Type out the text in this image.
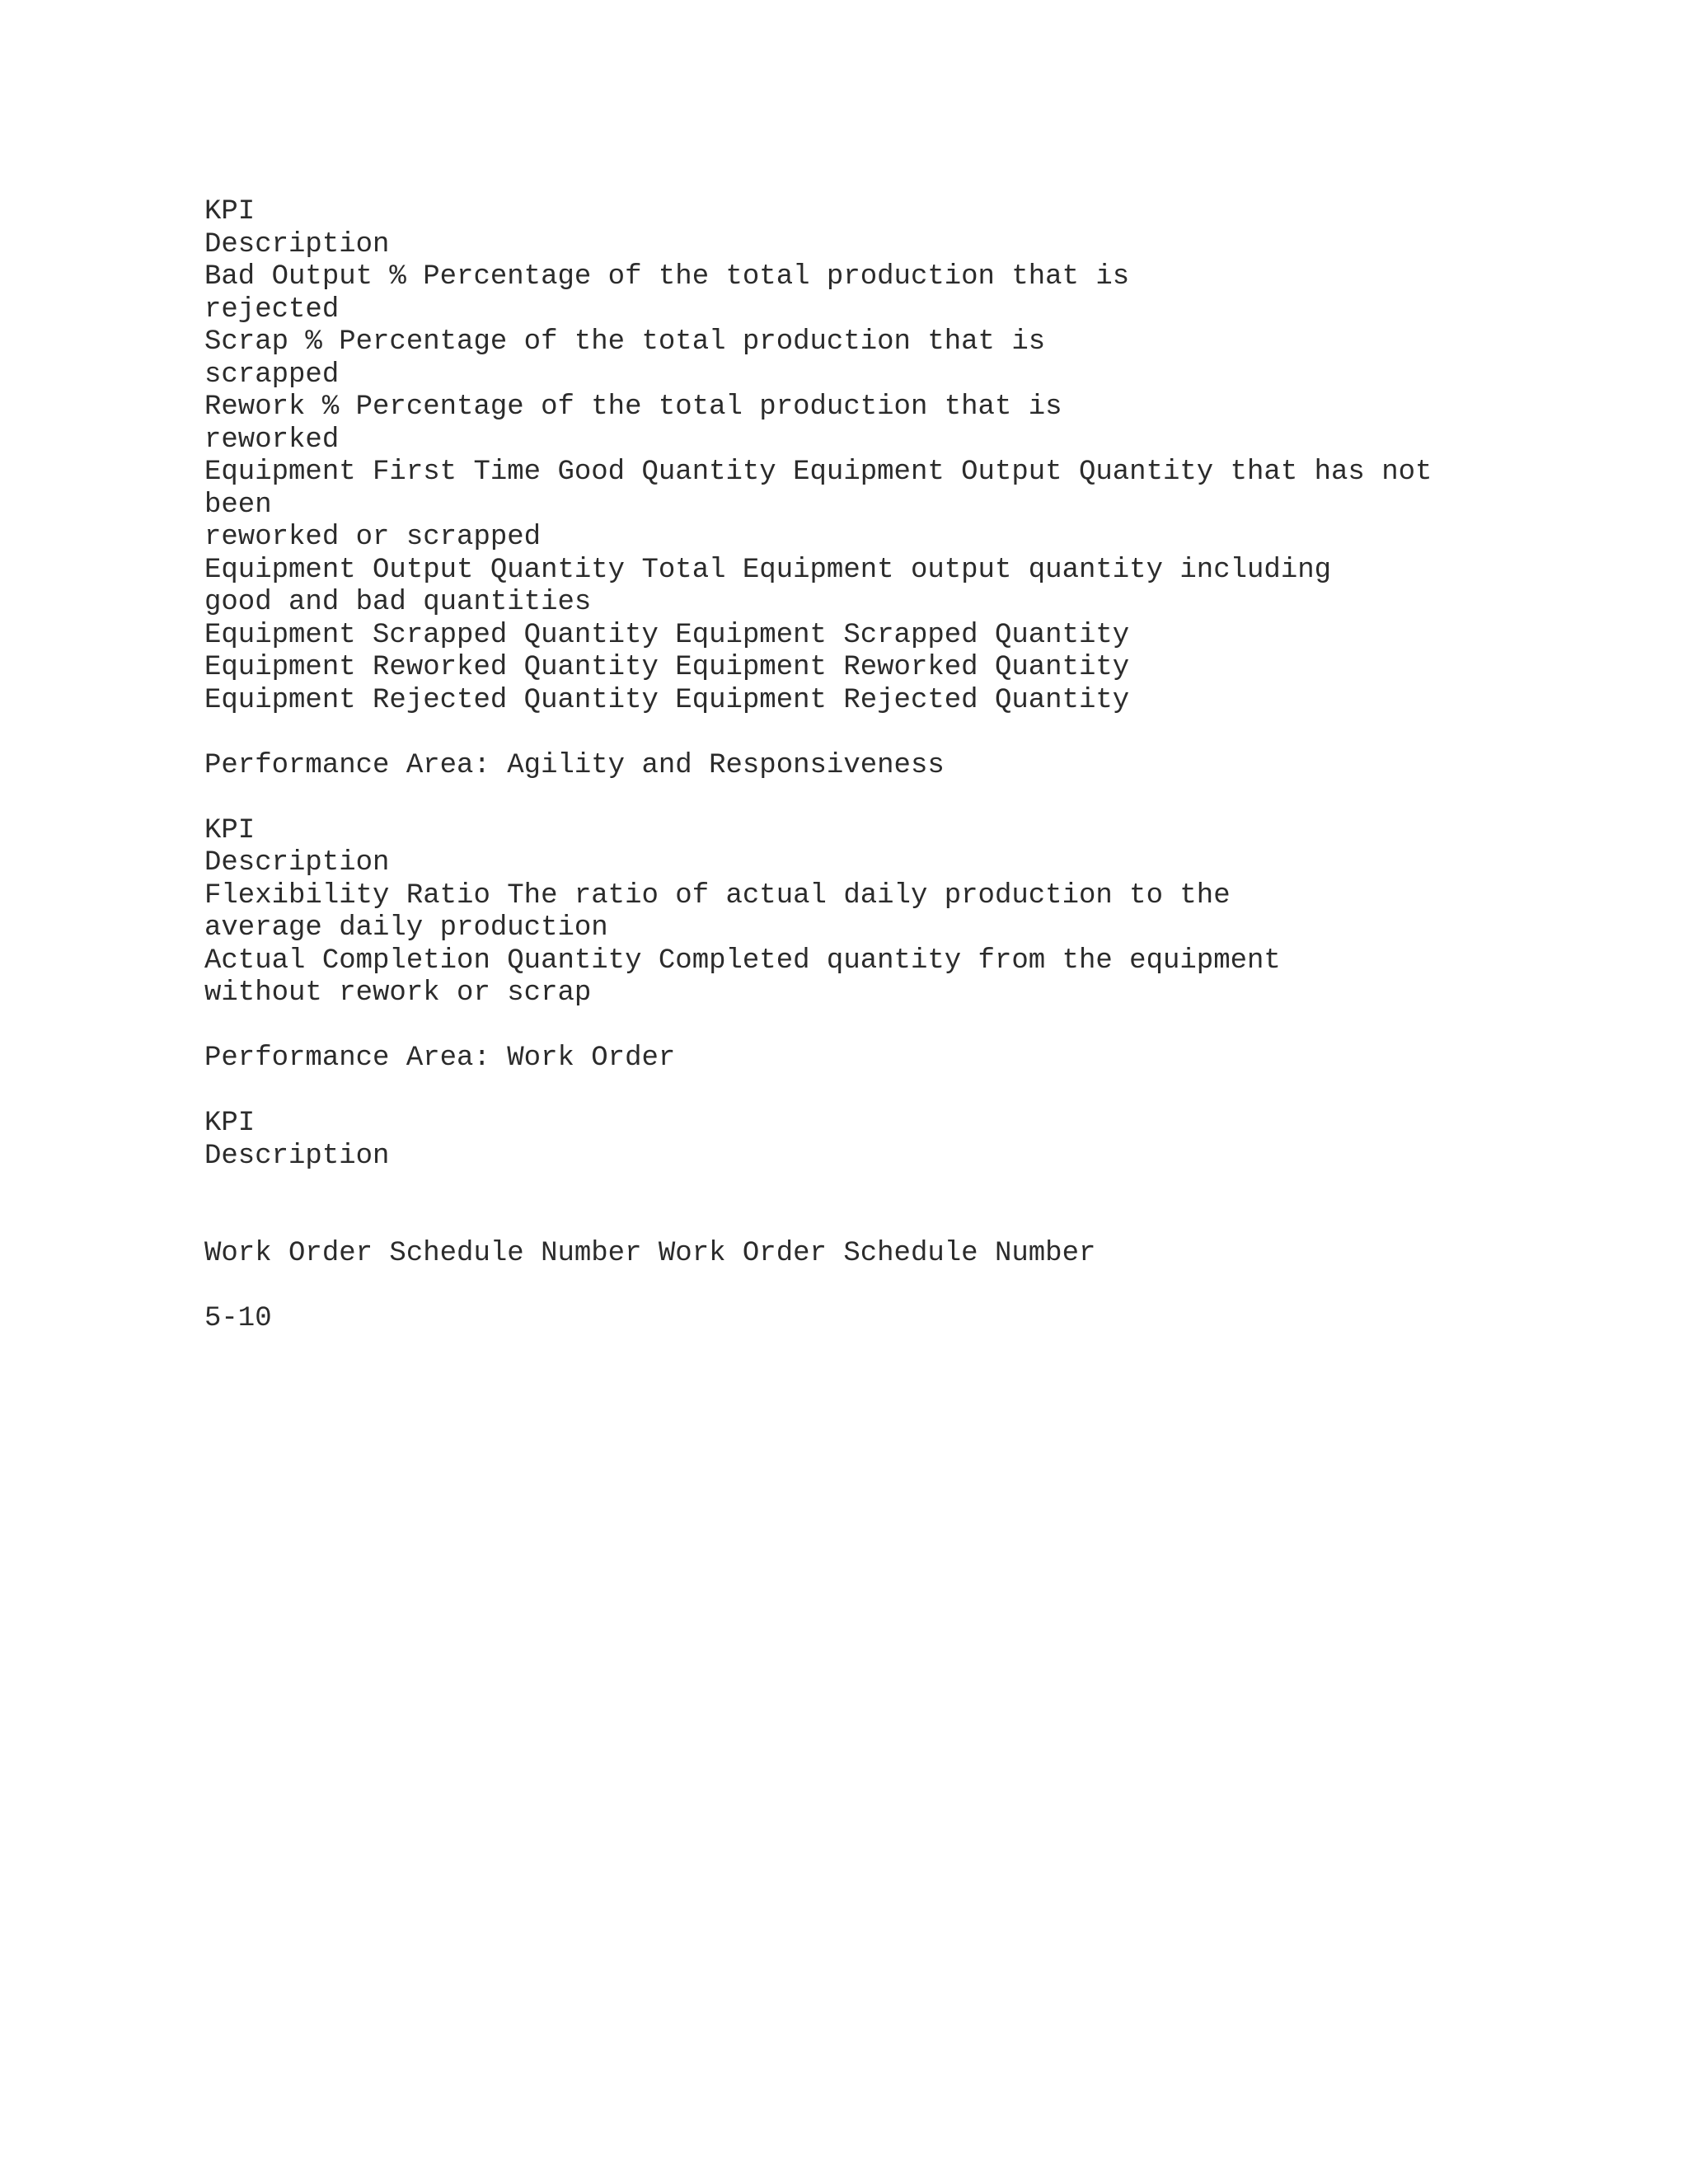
KPI
Description
Bad Output % Percentage of the total production that is
rejected
Scrap % Percentage of the total production that is
scrapped
Rework % Percentage of the total production that is
reworked
Equipment First Time Good Quantity Equipment Output Quantity that has not
been
reworked or scrapped
Equipment Output Quantity Total Equipment output quantity including
good and bad quantities
Equipment Scrapped Quantity Equipment Scrapped Quantity
Equipment Reworked Quantity Equipment Reworked Quantity
Equipment Rejected Quantity Equipment Rejected Quantity
Performance Area: Agility and Responsiveness
KPI
Description
Flexibility Ratio The ratio of actual daily production to the
average daily production
Actual Completion Quantity Completed quantity from the equipment
without rework or scrap
Performance Area: Work Order
KPI
Description
Work Order Schedule Number Work Order Schedule Number
5-10
